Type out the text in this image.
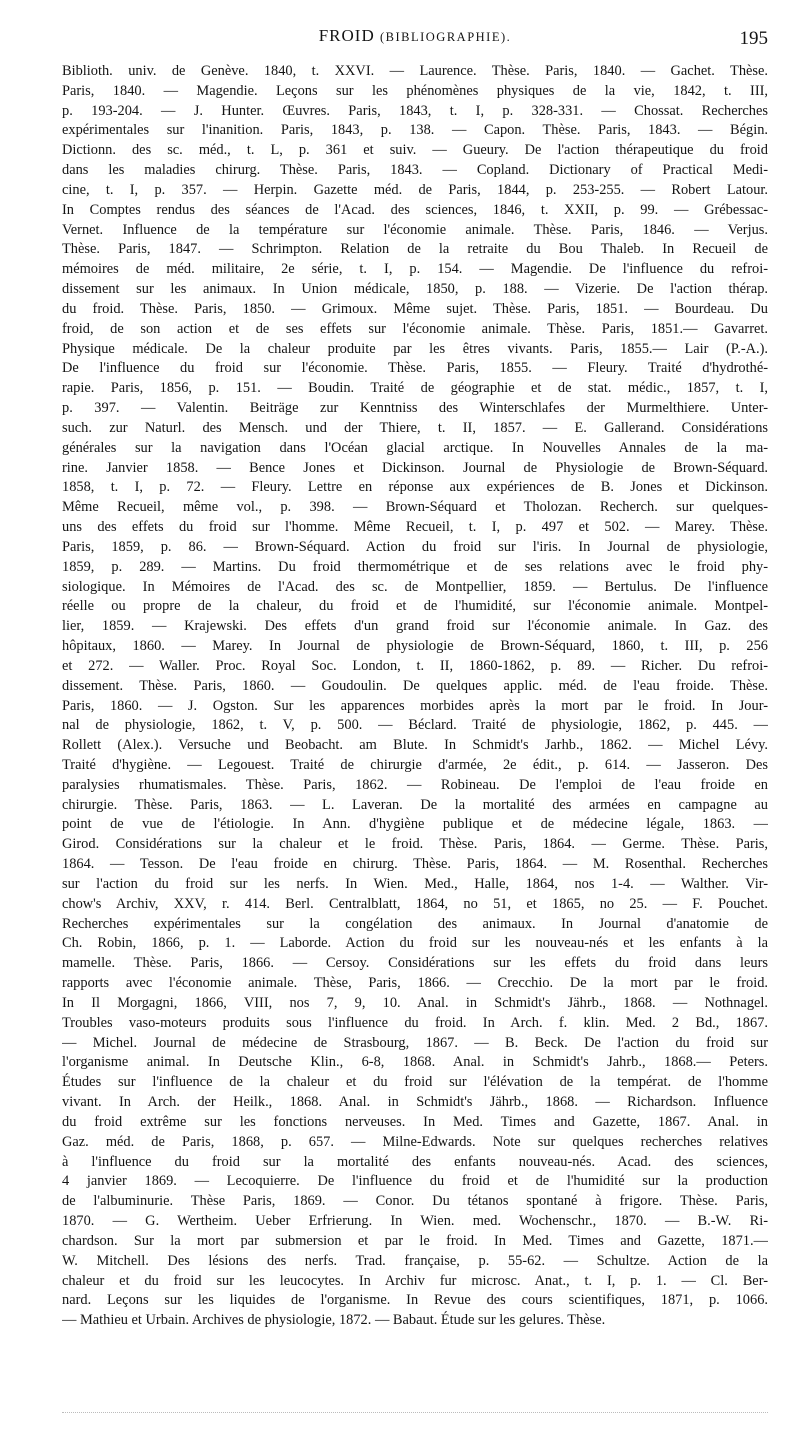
FROID (BIBLIOGRAPHIE).	195
Biblioth. univ. de Genève. 1840, t. XXVI. — Laurence. Thèse. Paris, 1840. — Gachet. Thèse.
Paris, 1840. — Magendie. Leçons sur les phénomènes physiques de la vie, 1842, t. III,
p. 193-204. — J. Hunter. Œuvres. Paris, 1843, t. I, p. 328-331. — Chossat. Recherches
expérimentales sur l'inanition. Paris, 1843, p. 138. — Capon. Thèse. Paris, 1843. — Bégin.
Dictionn. des sc. méd., t. L, p. 361 et suiv. — Gueury. De l'action thérapeutique du froid
dans les maladies chirurg. Thèse. Paris, 1843. — Copland. Dictionary of Practical Medi-
cine, t. I, p. 357. — Herpin. Gazette méd. de Paris, 1844, p. 253-255. — Robert Latour.
In Comptes rendus des séances de l'Acad. des sciences, 1846, t. XXII, p. 99. — Grébessac-
Vernet. Influence de la température sur l'économie animale. Thèse. Paris, 1846. — Verjus.
Thèse. Paris, 1847. — Schrimpton. Relation de la retraite du Bou Thaleb. In Recueil de
mémoires de méd. militaire, 2e série, t. I, p. 154. — Magendie. De l'influence du refroi-
dissement sur les animaux. In Union médicale, 1850, p. 188. — Vizerie. De l'action thérap.
du froid. Thèse. Paris, 1850. — Grimoux. Même sujet. Thèse. Paris, 1851. — Bourdeau. Du
froid, de son action et de ses effets sur l'économie animale. Thèse. Paris, 1851.— Gavarret.
Physique médicale. De la chaleur produite par les êtres vivants. Paris, 1855.— Lair (P.-A.).
De l'influence du froid sur l'économie. Thèse. Paris, 1855. — Fleury. Traité d'hydrothé-
rapie. Paris, 1856, p. 151. — Boudin. Traité de géographie et de stat. médic., 1857, t. I,
p. 397. — Valentin. Beiträge zur Kenntniss des Winterschlafes der Murmelthiere. Unter-
such. zur Naturl. des Mensch. und der Thiere, t. II, 1857. — E. Gallerand. Considérations
générales sur la navigation dans l'Océan glacial arctique. In Nouvelles Annales de la ma-
rine. Janvier 1858. — Bence Jones et Dickinson. Journal de Physiologie de Brown-Séquard.
1858, t. I, p. 72. — Fleury. Lettre en réponse aux expériences de B. Jones et Dickinson.
Même Recueil, même vol., p. 398. — Brown-Séquard et Tholozan. Recherch. sur quelques-
uns des effets du froid sur l'homme. Même Recueil, t. I, p. 497 et 502. — Marey. Thèse.
Paris, 1859, p. 86. — Brown-Séquard. Action du froid sur l'iris. In Journal de physiologie,
1859, p. 289. — Martins. Du froid thermométrique et de ses relations avec le froid phy-
siologique. In Mémoires de l'Acad. des sc. de Montpellier, 1859. — Bertulus. De l'influence
réelle ou propre de la chaleur, du froid et de l'humidité, sur l'économie animale. Montpel-
lier, 1859. — Krajewski. Des effets d'un grand froid sur l'économie animale. In Gaz. des
hôpitaux, 1860. — Marey. In Journal de physiologie de Brown-Séquard, 1860, t. III, p. 256
et 272. — Waller. Proc. Royal Soc. London, t. II, 1860-1862, p. 89. — Richer. Du refroi-
dissement. Thèse. Paris, 1860. — Goudoulin. De quelques applic. méd. de l'eau froide. Thèse.
Paris, 1860. — J. Ogston. Sur les apparences morbides après la mort par le froid. In Jour-
nal de physiologie, 1862, t. V, p. 500. — Béclard. Traité de physiologie, 1862, p. 445. —
Rollett (Alex.). Versuche und Beobacht. am Blute. In Schmidt's Jarhb., 1862. — Michel Lévy.
Traité d'hygiène. — Legouest. Traité de chirurgie d'armée, 2e édit., p. 614. — Jasseron. Des
paralysies rhumatismales. Thèse. Paris, 1862. — Robineau. De l'emploi de l'eau froide en
chirurgie. Thèse. Paris, 1863. — L. Laveran. De la mortalité des armées en campagne au
point de vue de l'étiologie. In Ann. d'hygiène publique et de médecine légale, 1863. —
Girod. Considérations sur la chaleur et le froid. Thèse. Paris, 1864. — Germe. Thèse. Paris,
1864. — Tesson. De l'eau froide en chirurg. Thèse. Paris, 1864. — M. Rosenthal. Recherches
sur l'action du froid sur les nerfs. In Wien. Med., Halle, 1864, nos 1-4. — Walther. Vir-
chow's Archiv, XXV, r. 414. Berl. Centralblatt, 1864, no 51, et 1865, no 25. — F. Pouchet.
Recherches expérimentales sur la congélation des animaux. In Journal d'anatomie de
Ch. Robin, 1866, p. 1. — Laborde. Action du froid sur les nouveau-nés et les enfants à la
mamelle. Thèse. Paris, 1866. — Cersoy. Considérations sur les effets du froid dans leurs
rapports avec l'économie animale. Thèse, Paris, 1866. — Crecchio. De la mort par le froid.
In Il Morgagni, 1866, VIII, nos 7, 9, 10. Anal. in Schmidt's Jährb., 1868. — Nothnagel.
Troubles vaso-moteurs produits sous l'influence du froid. In Arch. f. klin. Med. 2 Bd., 1867.
— Michel. Journal de médecine de Strasbourg, 1867. — B. Beck. De l'action du froid sur
l'organisme animal. In Deutsche Klin., 6-8, 1868. Anal. in Schmidt's Jahrb., 1868.— Peters.
Études sur l'influence de la chaleur et du froid sur l'élévation de la températ. de l'homme
vivant. In Arch. der Heilk., 1868. Anal. in Schmidt's Jährb., 1868. — Richardson. Influence
du froid extrême sur les fonctions nerveuses. In Med. Times and Gazette, 1867. Anal. in
Gaz. méd. de Paris, 1868, p. 657. — Milne-Edwards. Note sur quelques recherches relatives
à l'influence du froid sur la mortalité des enfants nouveau-nés. Acad. des sciences,
4 janvier 1869. — Lecoquierre. De l'influence du froid et de l'humidité sur la production
de l'albuminurie. Thèse Paris, 1869. — Conor. Du tétanos spontané à frigore. Thèse. Paris,
1870. — G. Wertheim. Ueber Erfrierung. In Wien. med. Wochenschr., 1870. — B.-W. Ri-
chardson. Sur la mort par submersion et par le froid. In Med. Times and Gazette, 1871.—
W. Mitchell. Des lésions des nerfs. Trad. française, p. 55-62. — Schultze. Action de la
chaleur et du froid sur les leucocytes. In Archiv fur microsc. Anat., t. I, p. 1. — Cl. Ber-
nard. Leçons sur les liquides de l'organisme. In Revue des cours scientifiques, 1871, p. 1066.
— Mathieu et Urbain. Archives de physiologie, 1872. — Babaut. Étude sur les gelures. Thèse.
